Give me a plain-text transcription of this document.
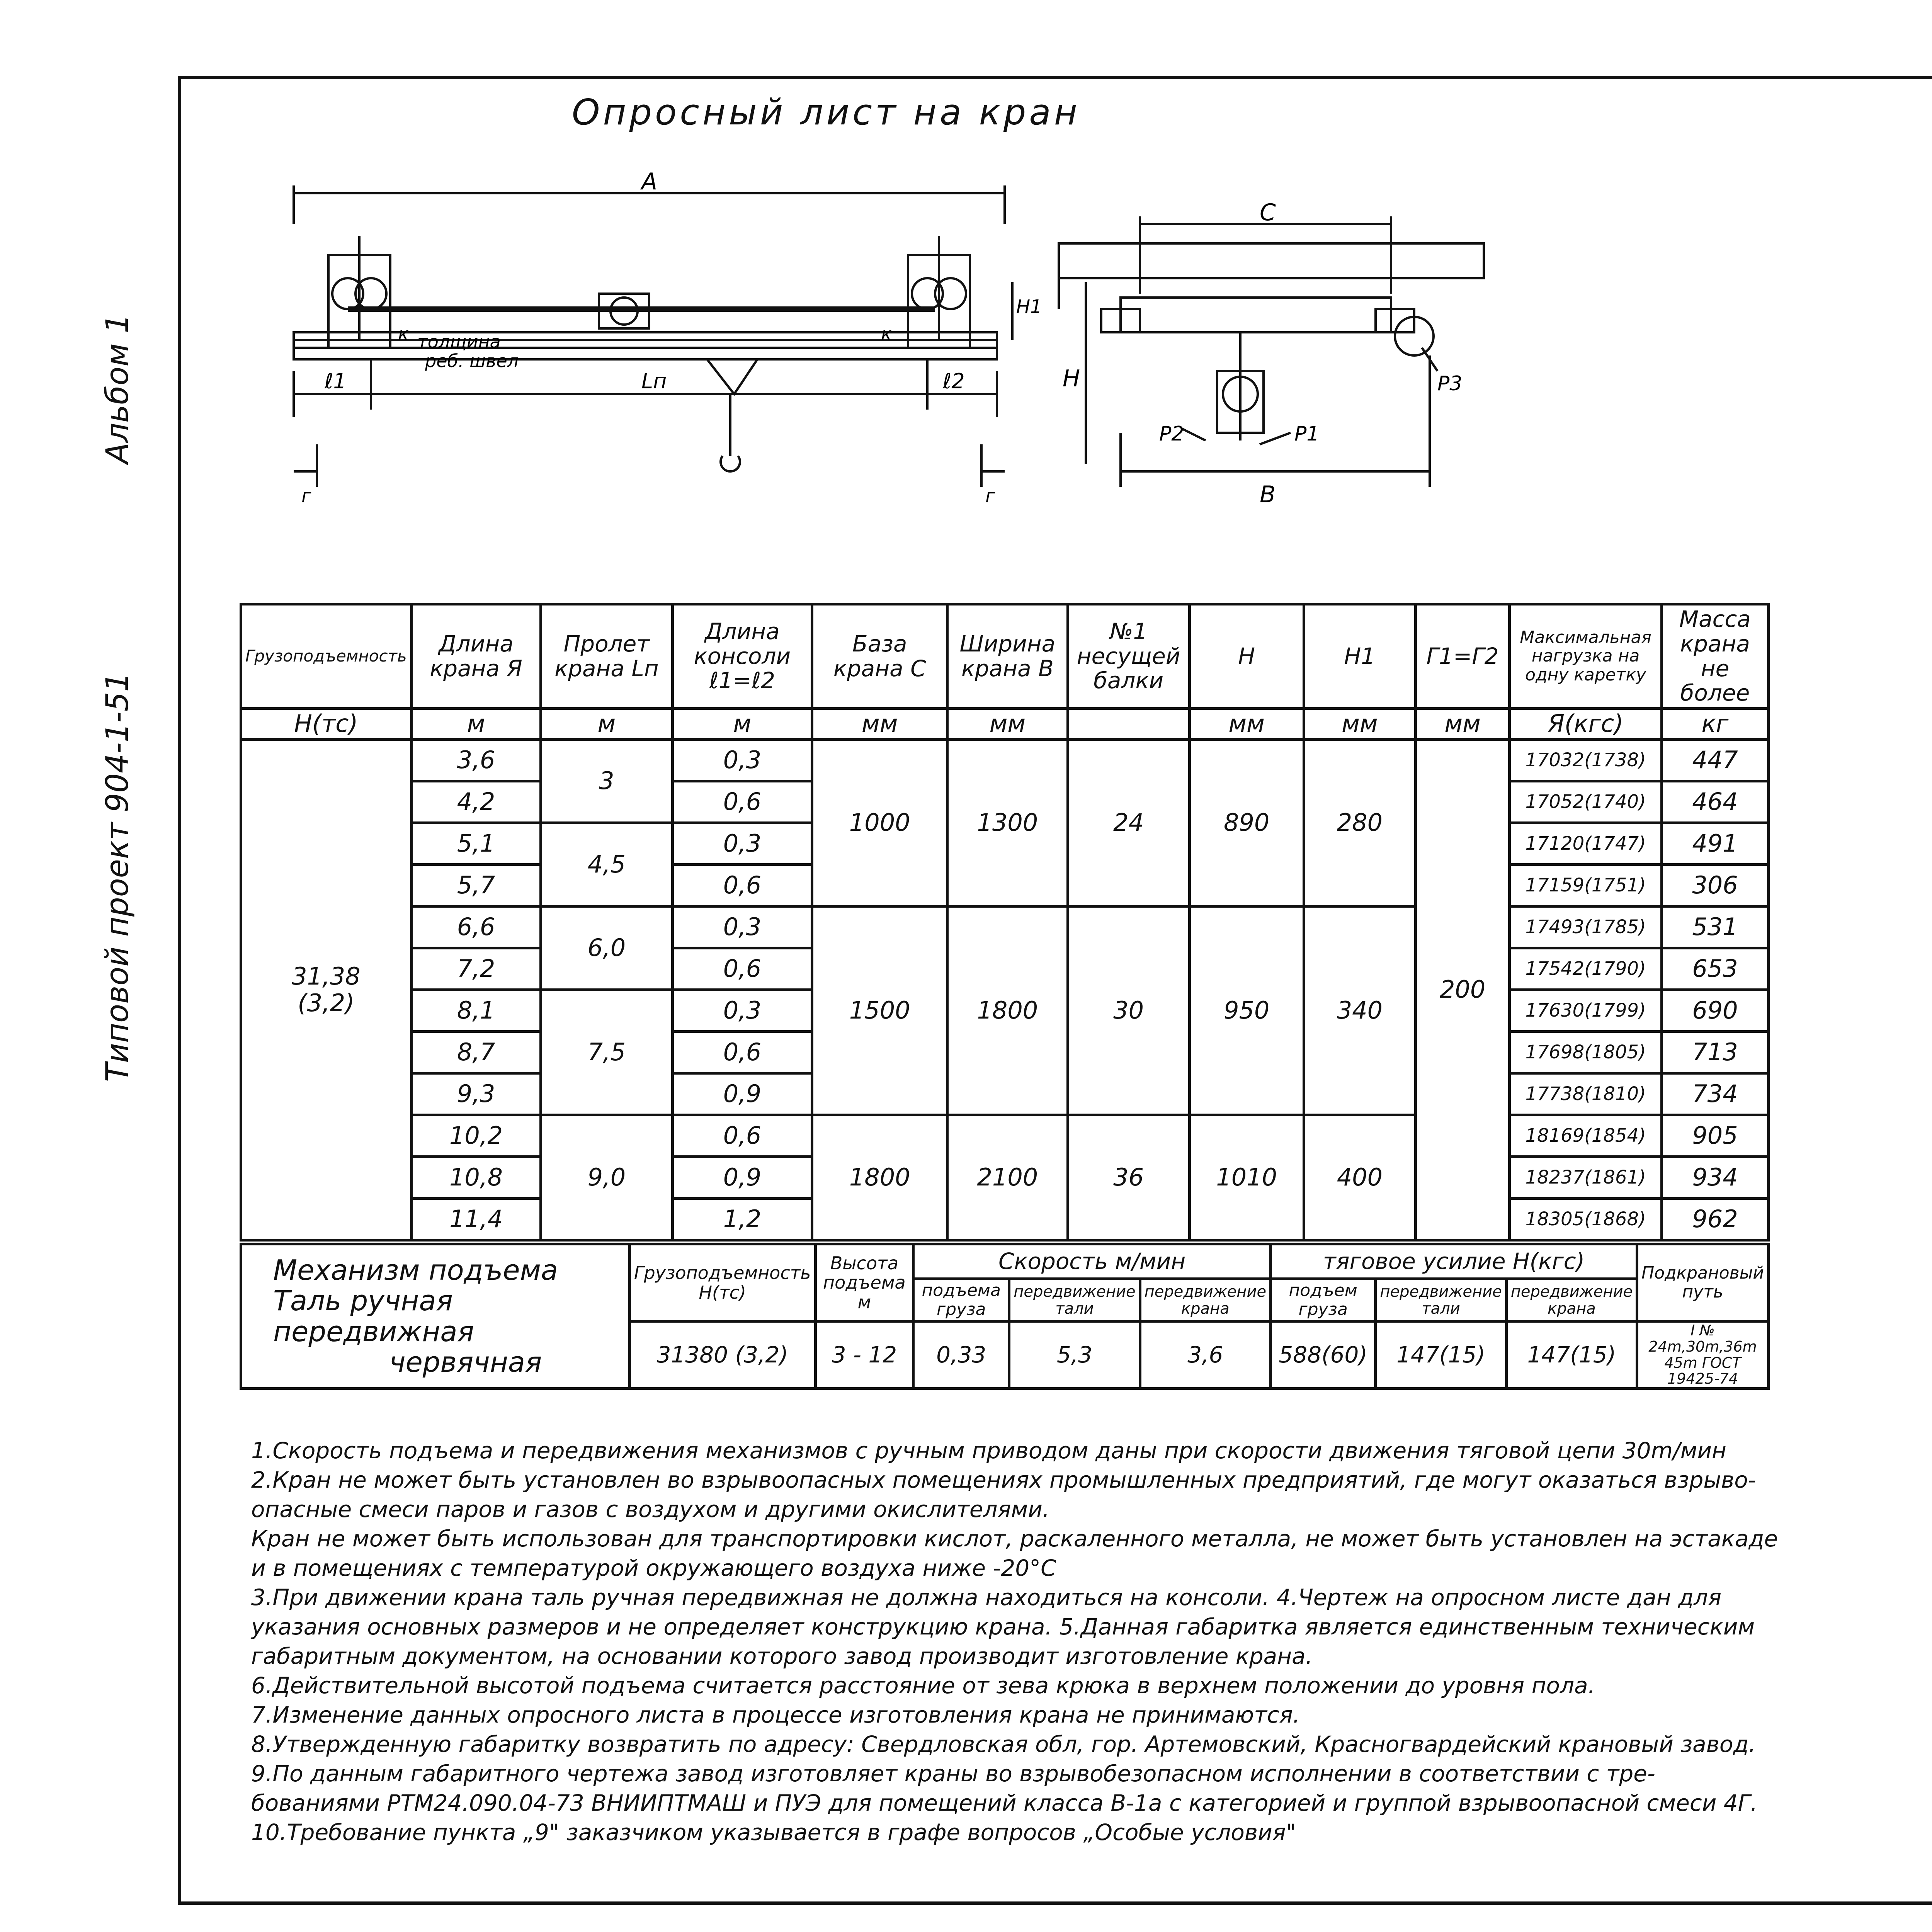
Альбом 1
Типовой проект 904-1-51
Опросный лист на кран
А
к	к
толщина
реб. швел
ℓ1	ℓ2
Lп
Н1
г	г
С
Н
В
Р1
Р2
Р3
Грузоподъемность	Длина крана Я	Пролет крана Lп	Длина консоли ℓ1=ℓ2	База крана С	Ширина крана В	№1 несущей балки	Н	Н1	Г1=Г2	Максимальная нагрузка на одну каретку	Масса крана не более
Н(тс)	м	м	м	мм	мм		мм	мм	мм	Я(кгс)	кг
31,38
(3,2)	3,6	3	0,3	1000	1300	24	890	280	200	17032(1738)	447
	4,2		0,6							17052(1740)	464
	5,1	4,5	0,3							17120(1747)	491
	5,7		0,6							17159(1751)	306
	6,6	6,0	0,3	1500	1800	30	950	340		17493(1785)	531
	7,2		0,6							17542(1790)	653
	8,1	7,5	0,3							17630(1799)	690
	8,7		0,6							17698(1805)	713
	9,3		0,9							17738(1810)	734
	10,2	9,0	0,6	1800	2100	36	1010	400		18169(1854)	905
	10,8		0,9							18237(1861)	934
	11,4		1,2							18305(1868)	962
Механизм подъема
Таль ручная передвижная
червячная	Грузоподъемность Н(тс)	Высота подъема м	Скорость м/мин			тяговое усилие Н(кгс)			Подкрановый путь
			подъема груза	передвижение тали	передвижение крана	подъем груза	передвижение тали	передвижение крана	
	31380 (3,2)	3 - 12	0,33	5,3	3,6	588(60)	147(15)	147(15)	I № 24m,30m,36m 45m ГОСТ 19425-74

1.Скорость подъема и передвижения механизмов с ручным приводом даны при скорости движения тяговой цепи 30m/мин
2.Кран не может быть установлен во взрывоопасных помещениях промышленных предприятий, где могут оказаться взрыво-
опасные смеси паров и газов с воздухом и другими окислителями.
Кран не может быть использован для транспортировки кислот, раскаленного металла, не может быть установлен на эстакаде
и в помещениях с температурой окружающего воздуха ниже -20°С
3.При движении крана таль ручная передвижная не должна находиться на консоли. 4.Чертеж на опросном листе дан для
указания основных размеров и не определяет конструкцию крана. 5.Данная габаритка является единственным техническим
габаритным документом, на основании которого завод производит изготовление крана.
6.Действительной высотой подъема считается расстояние от зева крюка в верхнем положении до уровня пола.
7.Изменение данных опросного листа в процессе изготовления крана не принимаются.
8.Утвержденную габаритку возвратить по адресу: Свердловская обл, гор. Артемовский, Красногвардейский крановый завод.
9.По данным габаритного чертежа завод изготовляет краны во взрывобезопасном исполнении в соответствии с тре-
бованиями РТМ24.090.04-73 ВНИИПТМАШ и ПУЭ для помещений класса В-1а с категорией и группой взрывоопасной смеси 4Г.
10.Требование пункта „9" заказчиком указывается в графе вопросов „Особые условия"
